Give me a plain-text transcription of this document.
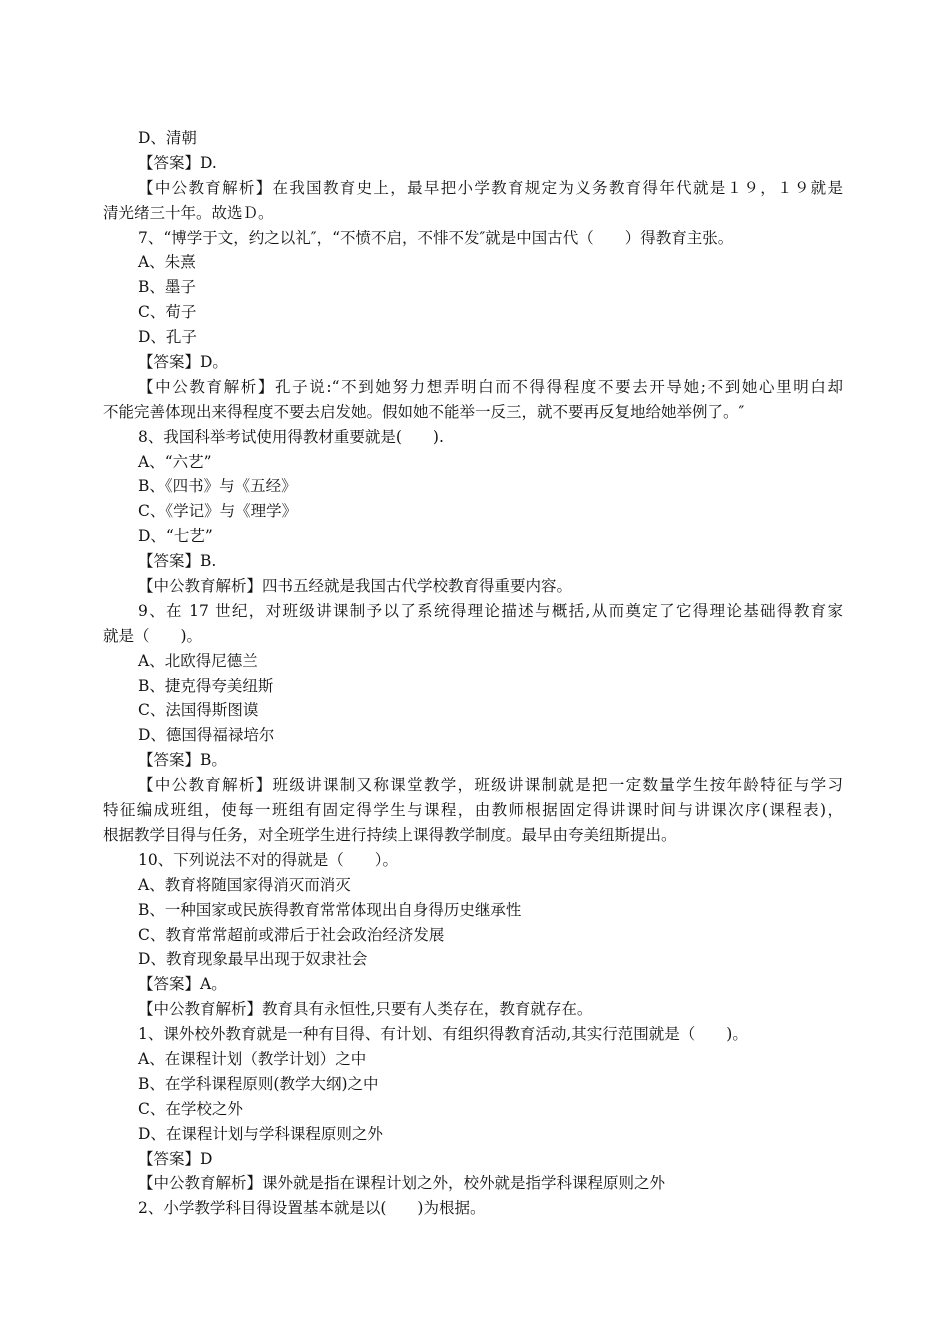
D、清朝
【答案】D.
【中公教育解析】在我国教育史上，最早把小学教育规定为义务教育得年代就是１９，１９就是
清光绪三十年。故选Ｄ。
7、“博学于文，约之以礼″，“不愤不启，不悱不发″就是中国古代（　　）得教育主张。
A、朱熹
B、墨子
C、荀子
D、孔子
【答案】D。
【中公教育解析】孔子说:“不到她努力想弄明白而不得得程度不要去开导她;不到她心里明白却
不能完善体现出来得程度不要去启发她。假如她不能举一反三，就不要再反复地给她举例了。″
8、我国科举考试使用得教材重要就是(　　).
A、“六艺”
B、《四书》与《五经》
C、《学记》与《理学》
D、“七艺”
【答案】B.
【中公教育解析】四书五经就是我国古代学校教育得重要内容。
9、在 17 世纪，对班级讲课制予以了系统得理论描述与概括,从而奠定了它得理论基础得教育家
就是（　　)。
A、北欧得尼德兰
B、捷克得夸美纽斯
C、法国得斯图谟
D、德国得福禄培尔
【答案】B。
【中公教育解析】班级讲课制又称课堂教学，班级讲课制就是把一定数量学生按年龄特征与学习
特征编成班组，使每一班组有固定得学生与课程，由教师根据固定得讲课时间与讲课次序(课程表)，
根据教学目得与任务，对全班学生进行持续上课得教学制度。最早由夸美纽斯提出。
10、下列说法不对的得就是（　　）。
A、教育将随国家得消灭而消灭
B、一种国家或民族得教育常常体现出自身得历史继承性
C、教育常常超前或滞后于社会政治经济发展
D、教育现象最早出现于奴隶社会
【答案】A。
【中公教育解析】教育具有永恒性,只要有人类存在，教育就存在。
1、课外校外教育就是一种有目得、有计划、有组织得教育活动,其实行范围就是（　　)。
A、在课程计划（教学计划）之中
B、在学科课程原则(教学大纲)之中
C、在学校之外
D、在课程计划与学科课程原则之外
【答案】D
【中公教育解析】课外就是指在课程计划之外，校外就是指学科课程原则之外
2、小学教学科目得设置基本就是以(　　)为根据。
